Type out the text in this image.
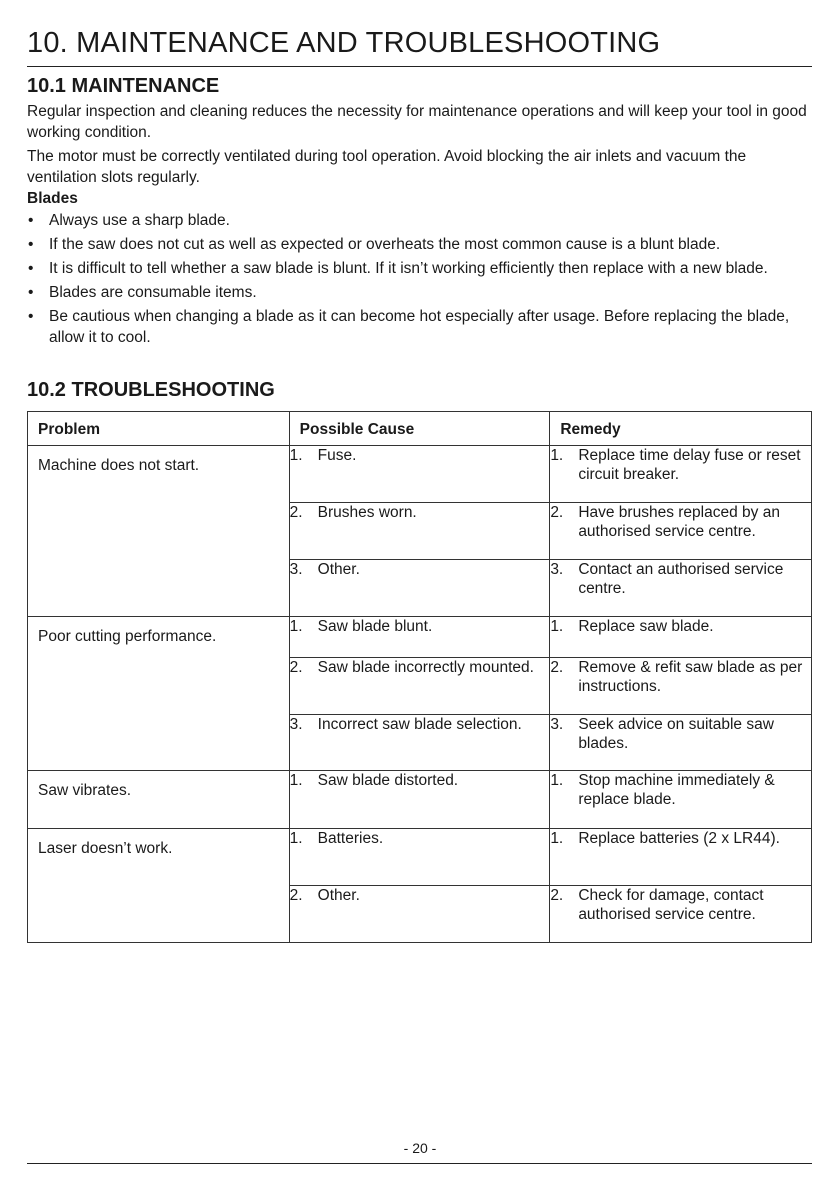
10. MAINTENANCE AND TROUBLESHOOTING
10.1 MAINTENANCE

Regular inspection and cleaning reduces the necessity for maintenance operations and will keep your tool in good working condition.

The motor must be correctly ventilated during tool operation. Avoid blocking the air inlets and vacuum the ventilation slots regularly.

Blades
• Always use a sharp blade.
• If the saw does not cut as well as expected or overheats the most common cause is a blunt blade.
• It is difficult to tell whether a saw blade is blunt. If it isn’t working efficiently then replace with a new blade.
• Blades are consumable items.
• Be cautious when changing a blade as it can become hot especially after usage. Before replacing the blade, allow it to cool.
10.2 TROUBLESHOOTING
Problem	Possible Cause	Remedy
Machine does not start.	1. Fuse.	1. Replace time delay fuse or reset circuit breaker.

	2. Brushes worn.	2. Have brushes replaced by an authorised service centre.

	3. Other.	3. Contact an authorised service centre.

Poor cutting performance.	1. Saw blade blunt.	1. Replace saw blade.

	2. Saw blade incorrectly mounted.	2. Remove & refit saw blade as per instructions.

	3. Incorrect saw blade selection.	3. Seek advice on suitable saw blades.

Saw vibrates.	1. Saw blade distorted.	1. Stop machine immediately & replace blade.

Laser doesn’t work.	1. Batteries.	1. Replace batteries (2 x LR44).

	2. Other.	2. Check for damage, contact authorised service centre.
- 20 -
